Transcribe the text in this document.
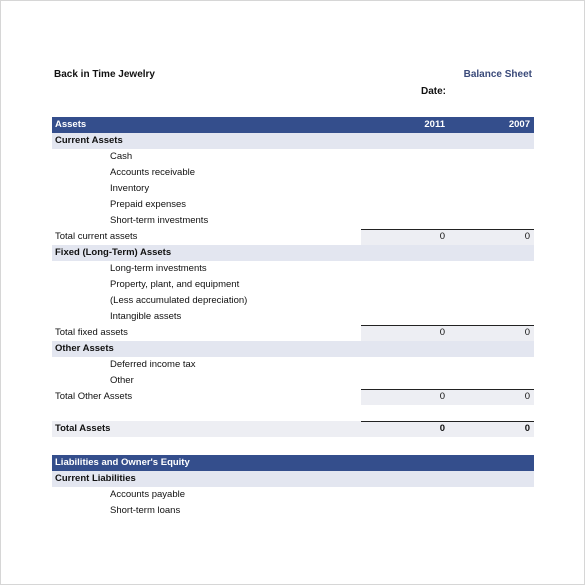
Back in Time Jewelry	Balance Sheet
Date:
Assets	2011	2007
Current Assets
Cash
Accounts receivable
Inventory
Prepaid expenses
Short-term investments
Total current assets	0	0
Fixed (Long-Term) Assets
Long-term investments
Property, plant, and equipment
(Less accumulated depreciation)
Intangible assets
Total fixed assets	0	0
Other Assets
Deferred income tax
Other
Total Other Assets	0	0
Total Assets	0	0
Liabilities and Owner's Equity
Current Liabilities
Accounts payable
Short-term loans
